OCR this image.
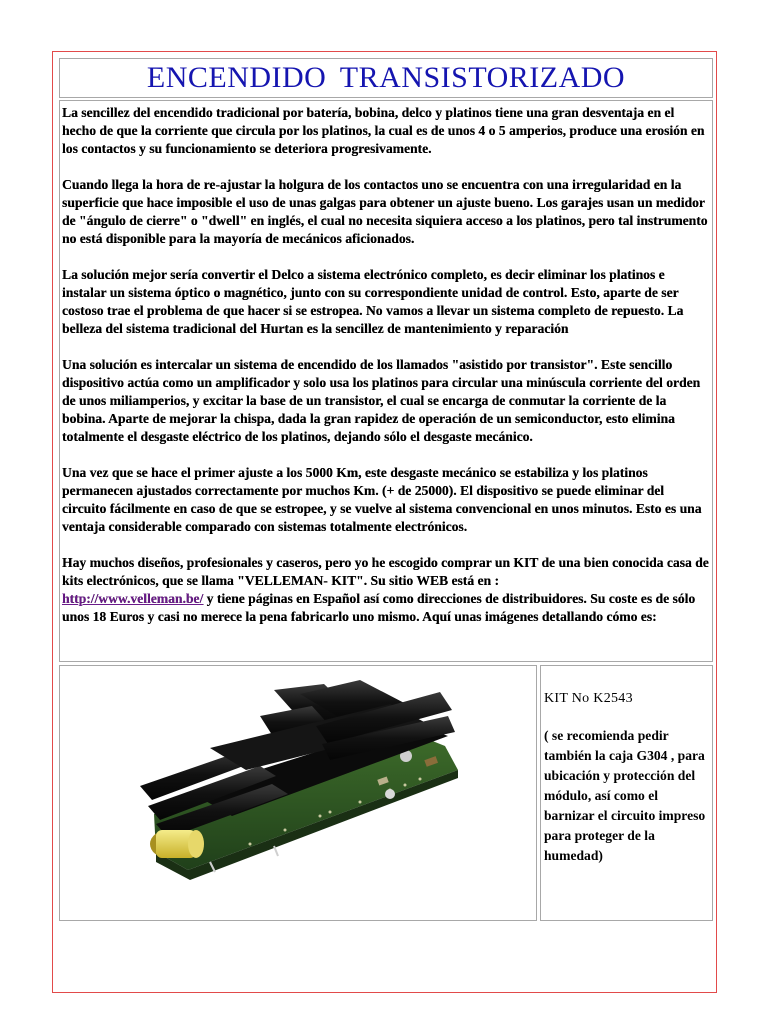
ENCENDIDO TRANSISTORIZADO

La sencillez del encendido tradicional por batería, bobina, delco y platinos tiene una gran desventaja en el hecho de que la corriente que circula por los platinos, la cual es de unos 4 o 5 amperios, produce una erosión en los contactos y su funcionamiento se deteriora progresivamente.

Cuando llega la hora de re-ajustar la holgura de los contactos uno se encuentra con una irregularidad en la superficie que hace imposible el uso de unas galgas para obtener un ajuste bueno. Los garajes usan un medidor de "ángulo de cierre" o "dwell" en inglés, el cual no necesita siquiera acceso a los platinos, pero tal instrumento no está disponible para la mayoría de mecánicos aficionados.

La solución mejor sería convertir el Delco a sistema electrónico completo, es decir eliminar los platinos e instalar un sistema óptico o magnético, junto con su correspondiente unidad de control. Esto, aparte de ser costoso trae el problema de que hacer si se estropea. No vamos a llevar un sistema completo de repuesto. La belleza del sistema tradicional del Hurtan es la sencillez de mantenimiento y reparación

Una solución es intercalar un sistema de encendido de los llamados "asistido por transistor". Este sencillo dispositivo actúa como un amplificador y solo usa los platinos para circular una minúscula corriente del orden de unos miliamperios, y excitar la base de un transistor, el cual se encarga de conmutar la corriente de la bobina. Aparte de mejorar la chispa, dada la gran rapidez de operación de un semiconductor, esto elimina totalmente el desgaste eléctrico de los platinos, dejando sólo el desgaste mecánico.

Una vez que se hace el primer ajuste a los 5000 Km, este desgaste mecánico se estabiliza y los platinos permanecen ajustados correctamente por muchos Km. (+ de 25000). El dispositivo se puede eliminar del circuito fácilmente en caso de que se estropee, y se vuelve al sistema convencional en unos minutos. Esto es una ventaja considerable comparado con sistemas totalmente electrónicos.

Hay muchos diseños, profesionales y caseros, pero yo he escogido comprar un KIT de una bien conocida casa de kits electrónicos, que se llama "VELLEMAN- KIT". Su sitio WEB está en :
http://www.velleman.be/ y tiene páginas en Español así como direcciones de distribuidores. Su coste es de sólo unos 18 Euros y casi no merece la pena fabricarlo uno mismo. Aquí unas imágenes detallando cómo es:

KIT No K2543

( se recomienda pedir también la caja G304 , para ubicación y protección del módulo, así como el barnizar el circuito impreso para proteger de la humedad)
